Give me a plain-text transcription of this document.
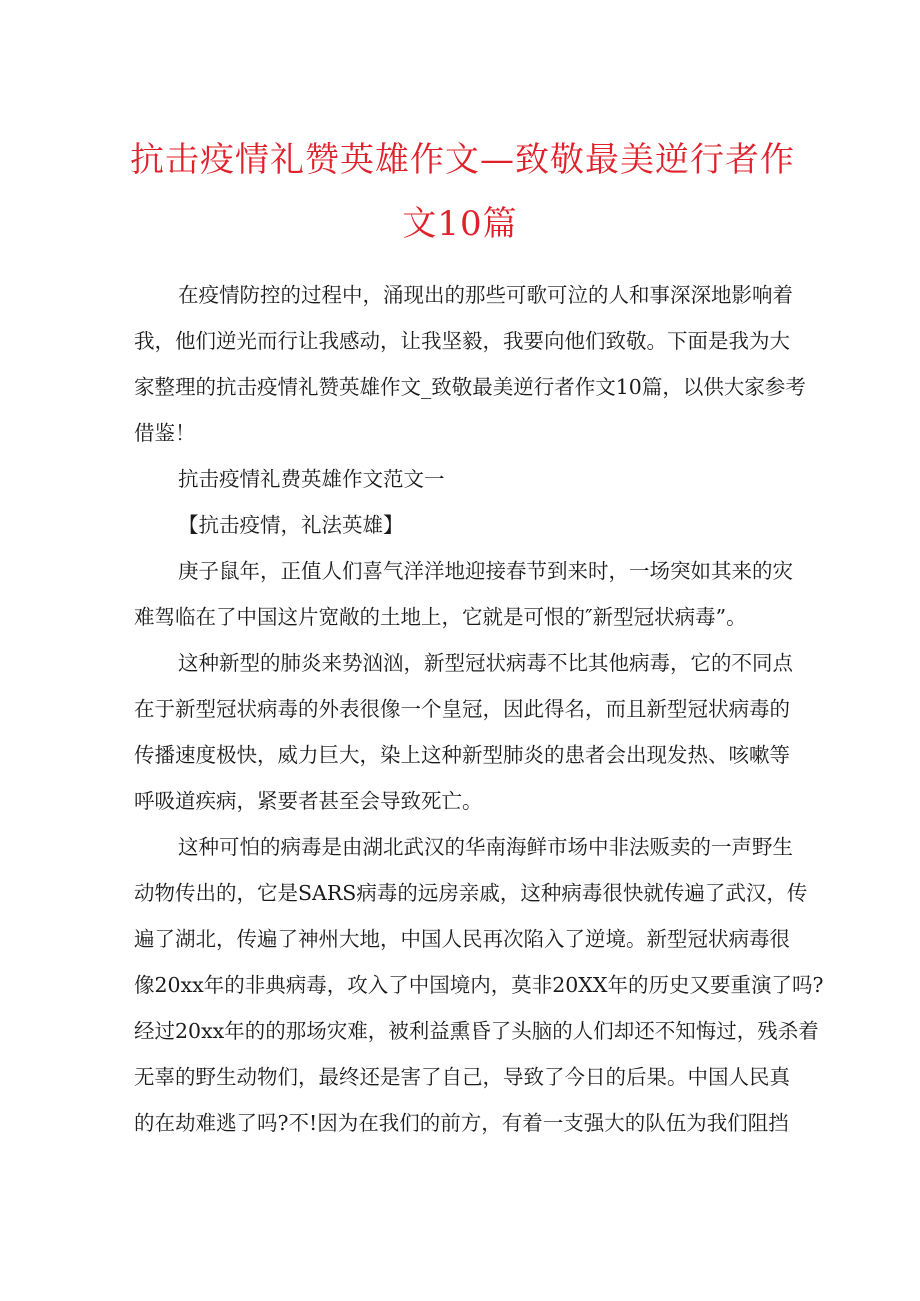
抗击疫情礼赞英雄作文—致敬最美逆行者作
文10篇
在疫情防控的过程中，涌现出的那些可歌可泣的人和事深深地影响着
我，他们逆光而行让我感动，让我坚毅，我要向他们致敬。下面是我为大
家整理的抗击疫情礼赞英雄作文_致敬最美逆行者作文10篇，以供大家参考
借鉴！
抗击疫情礼费英雄作文范文一
【抗击疫情，礼法英雄】
庚子鼠年，正值人们喜气洋洋地迎接春节到来时，一场突如其来的灾
难驾临在了中国这片宽敞的土地上，它就是可恨的″新型冠状病毒”。
这种新型的肺炎来势汹汹，新型冠状病毒不比其他病毒，它的不同点
在于新型冠状病毒的外表很像一个皇冠，因此得名，而且新型冠状病毒的
传播速度极快，威力巨大，染上这种新型肺炎的患者会出现发热、咳嗽等
呼吸道疾病，紧要者甚至会导致死亡。
这种可怕的病毒是由湖北武汉的华南海鲜市场中非法贩卖的一声野生
动物传出的，它是SARS病毒的远房亲戚，这种病毒很快就传遍了武汉，传
遍了湖北，传遍了神州大地，中国人民再次陷入了逆境。新型冠状病毒很
像20xx年的非典病毒，攻入了中国境内，莫非20XX年的历史又要重演了吗?
经过20xx年的的那场灾难，被利益熏昏了头脑的人们却还不知悔过，残杀着
无辜的野生动物们，最终还是害了自己，导致了今日的后果。中国人民真
的在劫难逃了吗?不!因为在我们的前方，有着一支强大的队伍为我们阻挡
